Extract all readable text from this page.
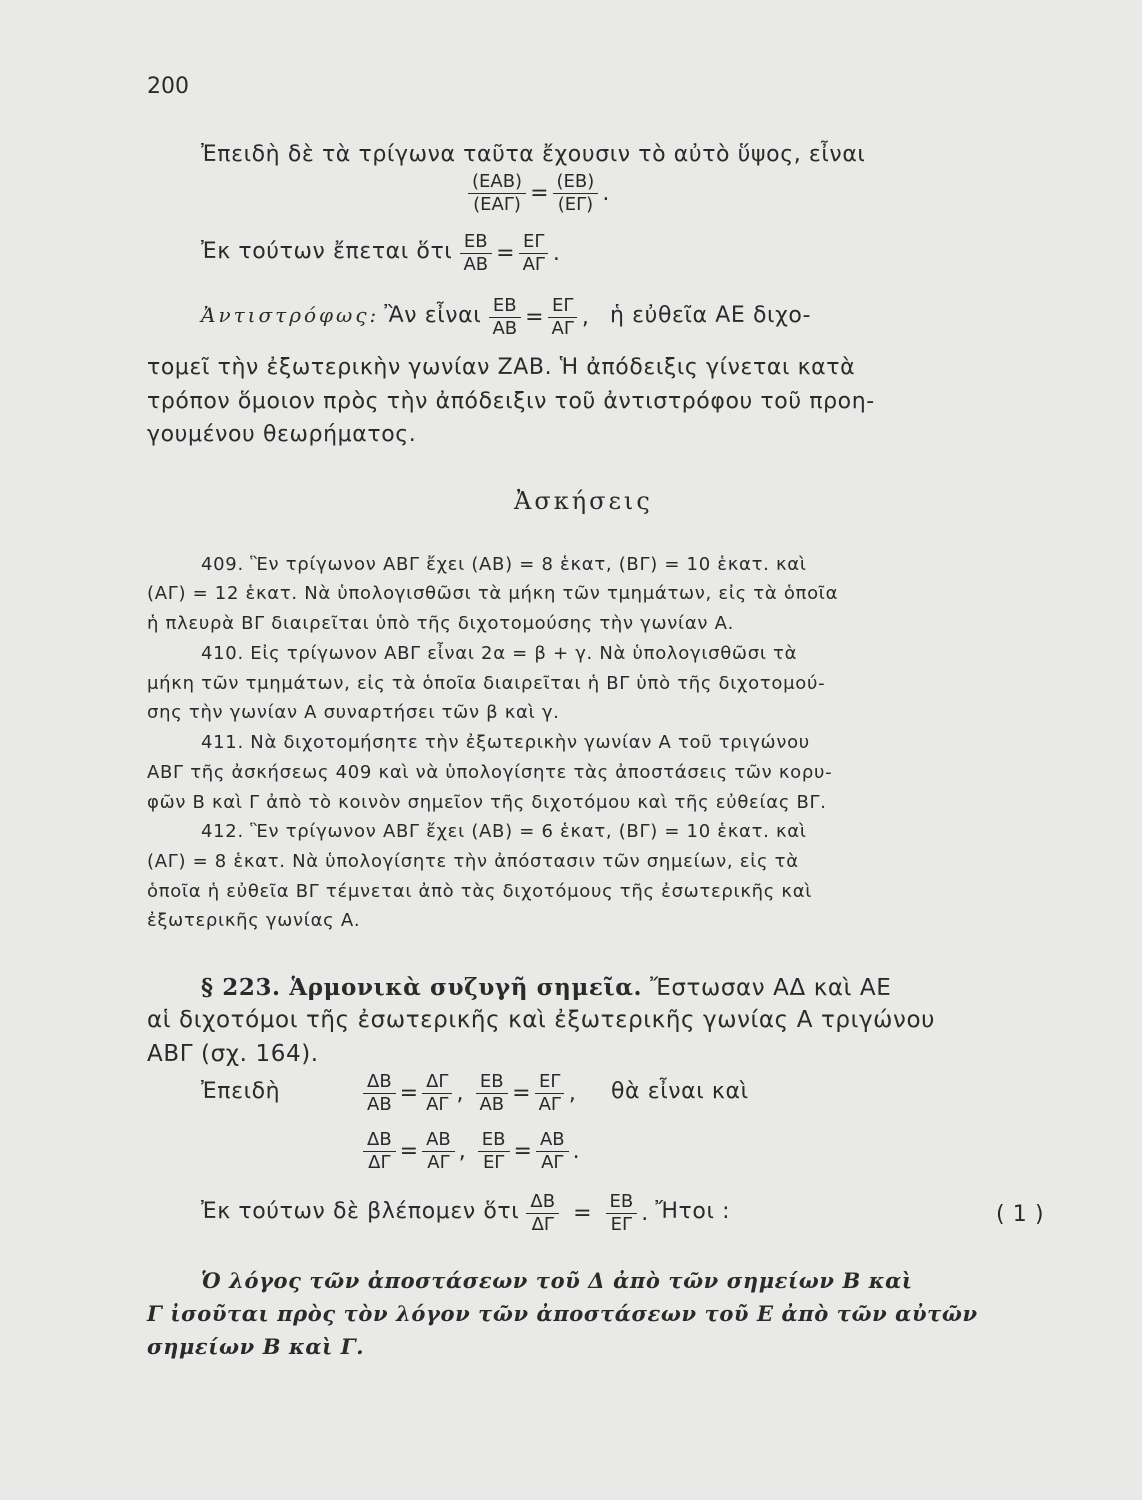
200
Ἐπειδὴ δὲ τὰ τρίγωνα ταῦτα ἔχουσιν τὸ αὐτὸ ὕψος, εἶναι
$\frac{\text{(ΕΑΒ)}}{\text{(ΕΑΓ)}} = \frac{(EB)}{(E\Gamma)}$ .
Ἐκ τούτων ἔπεται ὅτι $\frac{EB}{AB} = \frac{E\Gamma}{A\Gamma}$ .
Ἀντιστρόφως: Ἂν εἶναι $\frac{EB}{AB} = \frac{E\Gamma}{A\Gamma}$ , ἡ εὐθεῖα ΑΕ διχο-
τομεῖ τὴν ἐξωτερικὴν γωνίαν ΖΑΒ. Ἡ ἀπόδειξις γίνεται κατὰ
τρόπον ὅμοιον πρὸς τὴν ἀπόδειξιν τοῦ ἀντιστρόφου τοῦ προη-
γουμένου θεωρήματος.
Ἀσκήσεις
409. Ἓν τρίγωνον ΑΒΓ ἔχει (ΑΒ) = 8 ἑκατ, (ΒΓ) = 10 ἑκατ. καὶ
(ΑΓ) = 12 ἑκατ. Νὰ ὑπολογισθῶσι τὰ μήκη τῶν τμημάτων, εἰς τὰ ὁποῖα
ἡ πλευρὰ ΒΓ διαιρεῖται ὑπὸ τῆς διχοτομούσης τὴν γωνίαν Α.
410. Εἰς τρίγωνον ΑΒΓ εἶναι 2α = β + γ. Νὰ ὑπολογισθῶσι τὰ
μήκη τῶν τμημάτων, εἰς τὰ ὁποῖα διαιρεῖται ἡ ΒΓ ὑπὸ τῆς διχοτομού-
σης τὴν γωνίαν Α συναρτήσει τῶν β καὶ γ.
411. Νὰ διχοτομήσητε τὴν ἐξωτερικὴν γωνίαν Α τοῦ τριγώνου
ΑΒΓ τῆς ἀσκήσεως 409 καὶ νὰ ὑπολογίσητε τὰς ἀποστάσεις τῶν κορυ-
φῶν Β καὶ Γ ἀπὸ τὸ κοινὸν σημεῖον τῆς διχοτόμου καὶ τῆς εὐθείας ΒΓ.
412. Ἓν τρίγωνον ΑΒΓ ἔχει (ΑΒ) = 6 ἑκατ, (ΒΓ) = 10 ἑκατ. καὶ
(ΑΓ) = 8 ἑκατ. Νὰ ὑπολογίσητε τὴν ἀπόστασιν τῶν σημείων, εἰς τὰ
ὁποῖα ἡ εὐθεῖα ΒΓ τέμνεται ἀπὸ τὰς διχοτόμους τῆς ἐσωτερικῆς καὶ
ἐξωτερικῆς γωνίας Α.
§ 223. Ἁρμονικὰ συζυγῆ σημεῖα. Ἔστωσαν ΑΔ καὶ ΑΕ
αἱ διχοτόμοι τῆς ἐσωτερικῆς καὶ ἐξωτερικῆς γωνίας Α τριγώνου
ΑΒΓ (σχ. 164).
Ἐπειδὴ	$\frac{\Delta B}{AB} = \frac{\Delta\Gamma}{A\Gamma}$ , $\frac{EB}{AB} = \frac{E\Gamma}{A\Gamma}$ , θὰ εἶναι καὶ
$\frac{\Delta B}{\Delta\Gamma} = \frac{AB}{A\Gamma}$ , $\frac{EB}{E\Gamma} = \frac{AB}{A\Gamma}$ .
Ἐκ τούτων δὲ βλέπομεν ὅτι $\frac{\Delta B}{\Delta\Gamma} = \frac{EB}{E\Gamma}$ . Ἤτοι :	( 1 )
Ὁ λόγος τῶν ἀποστάσεων τοῦ Δ ἀπὸ τῶν σημείων Β καὶ
Γ ἰσοῦται πρὸς τὸν λόγον τῶν ἀποστάσεων τοῦ Ε ἀπὸ τῶν αὐτῶν
σημείων Β καὶ Γ.
